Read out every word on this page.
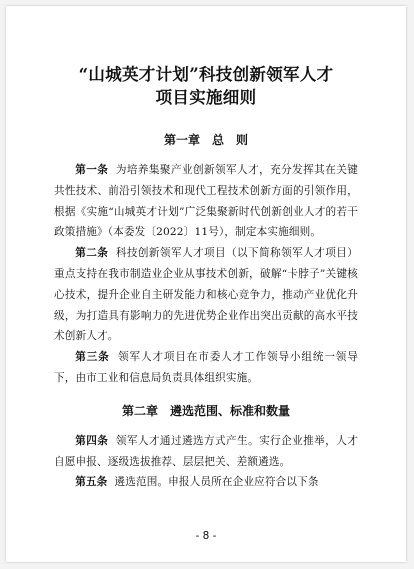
“山城英才计划”科技创新领军人才
项目实施细则
第一章　总　则

第一条 为培养集聚产业创新领军人才，充分发挥其在关键共性技术、前沿引领技术和现代工程技术创新方面的引领作用，根据《实施“山城英才计划”广泛集聚新时代创新创业人才的若干政策措施》（本委发〔2022〕11号），制定本实施细则。

第二条 科技创新领军人才项目（以下简称领军人才项目）重点支持在我市制造业企业从事技术创新，破解“卡脖子”关键核心技术，提升企业自主研发能力和核心竞争力，推动产业优化升级，为打造具有影响力的先进优势企业作出突出贡献的高水平技术创新人才。

第三条 领军人才项目在市委人才工作领导小组统一领导下，由市工业和信息局负责具体组织实施。

第二章　遴选范围、标准和数量

第四条 领军人才通过遴选方式产生。实行企业推举，人才自愿申报、逐级选拔推荐、层层把关、差额遴选。

第五条 遴选范围。申报人员所在企业应符合以下条

- 8 -
